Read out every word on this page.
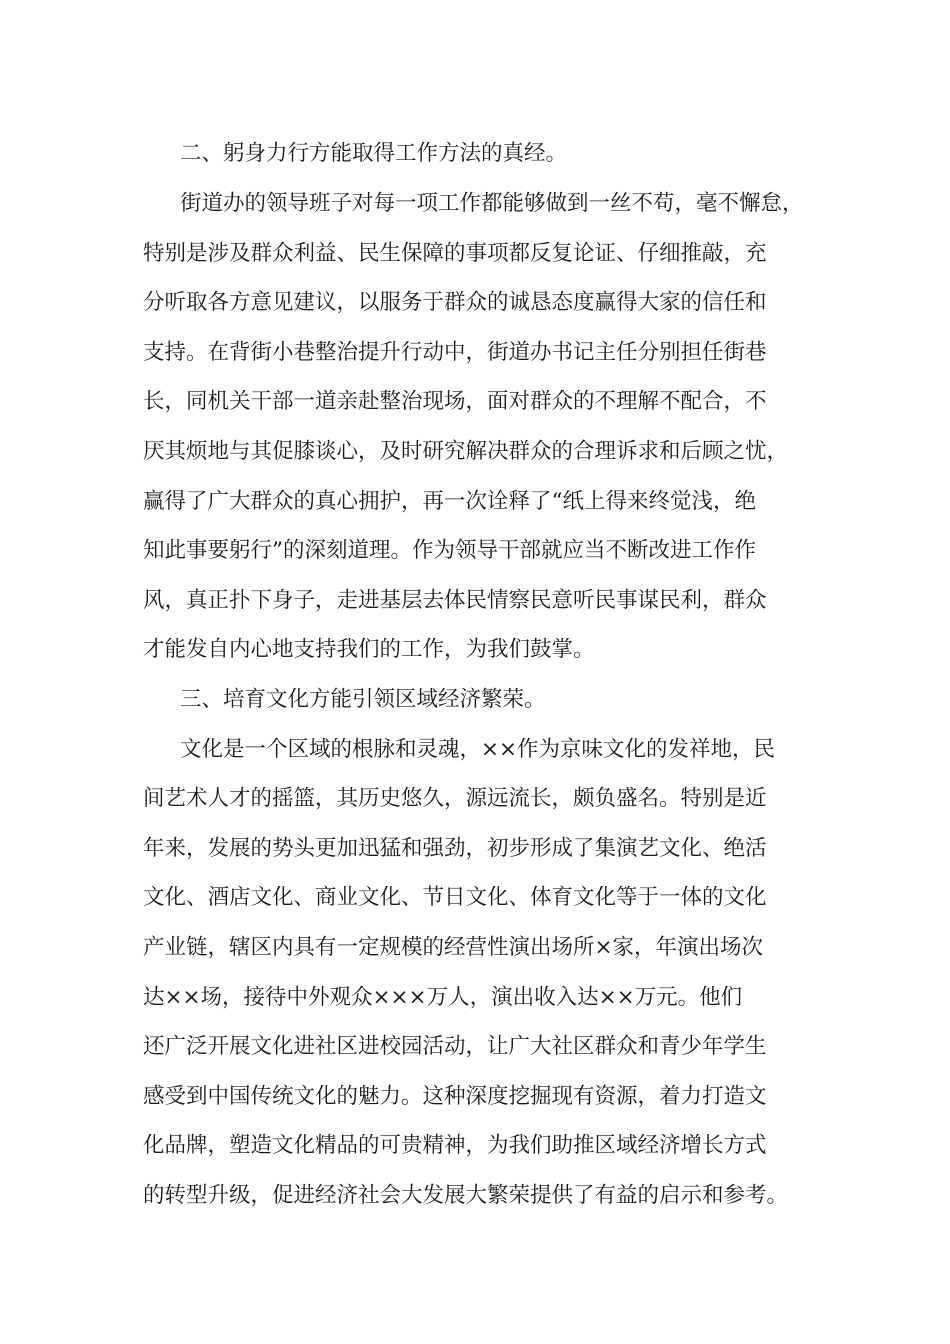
二、躬身力行方能取得工作方法的真经。
街道办的领导班子对每一项工作都能够做到一丝不苟，毫不懈怠，
特别是涉及群众利益、民生保障的事项都反复论证、仔细推敲，充
分听取各方意见建议，以服务于群众的诚恳态度赢得大家的信任和
支持。在背街小巷整治提升行动中，街道办书记主任分别担任街巷
长，同机关干部一道亲赴整治现场，面对群众的不理解不配合，不
厌其烦地与其促膝谈心，及时研究解决群众的合理诉求和后顾之忧，
赢得了广大群众的真心拥护，再一次诠释了“纸上得来终觉浅，绝
知此事要躬行”的深刻道理。作为领导干部就应当不断改进工作作
风，真正扑下身子，走进基层去体民情察民意听民事谋民利，群众
才能发自内心地支持我们的工作，为我们鼓掌。
三、培育文化方能引领区域经济繁荣。
文化是一个区域的根脉和灵魂，××作为京味文化的发祥地，民
间艺术人才的摇篮，其历史悠久，源远流长，颇负盛名。特别是近
年来，发展的势头更加迅猛和强劲，初步形成了集演艺文化、绝活
文化、酒店文化、商业文化、节日文化、体育文化等于一体的文化
产业链，辖区内具有一定规模的经营性演出场所×家，年演出场次
达××场，接待中外观众×××万人，演出收入达××万元。他们
还广泛开展文化进社区进校园活动，让广大社区群众和青少年学生
感受到中国传统文化的魅力。这种深度挖掘现有资源，着力打造文
化品牌，塑造文化精品的可贵精神，为我们助推区域经济增长方式
的转型升级，促进经济社会大发展大繁荣提供了有益的启示和参考。
